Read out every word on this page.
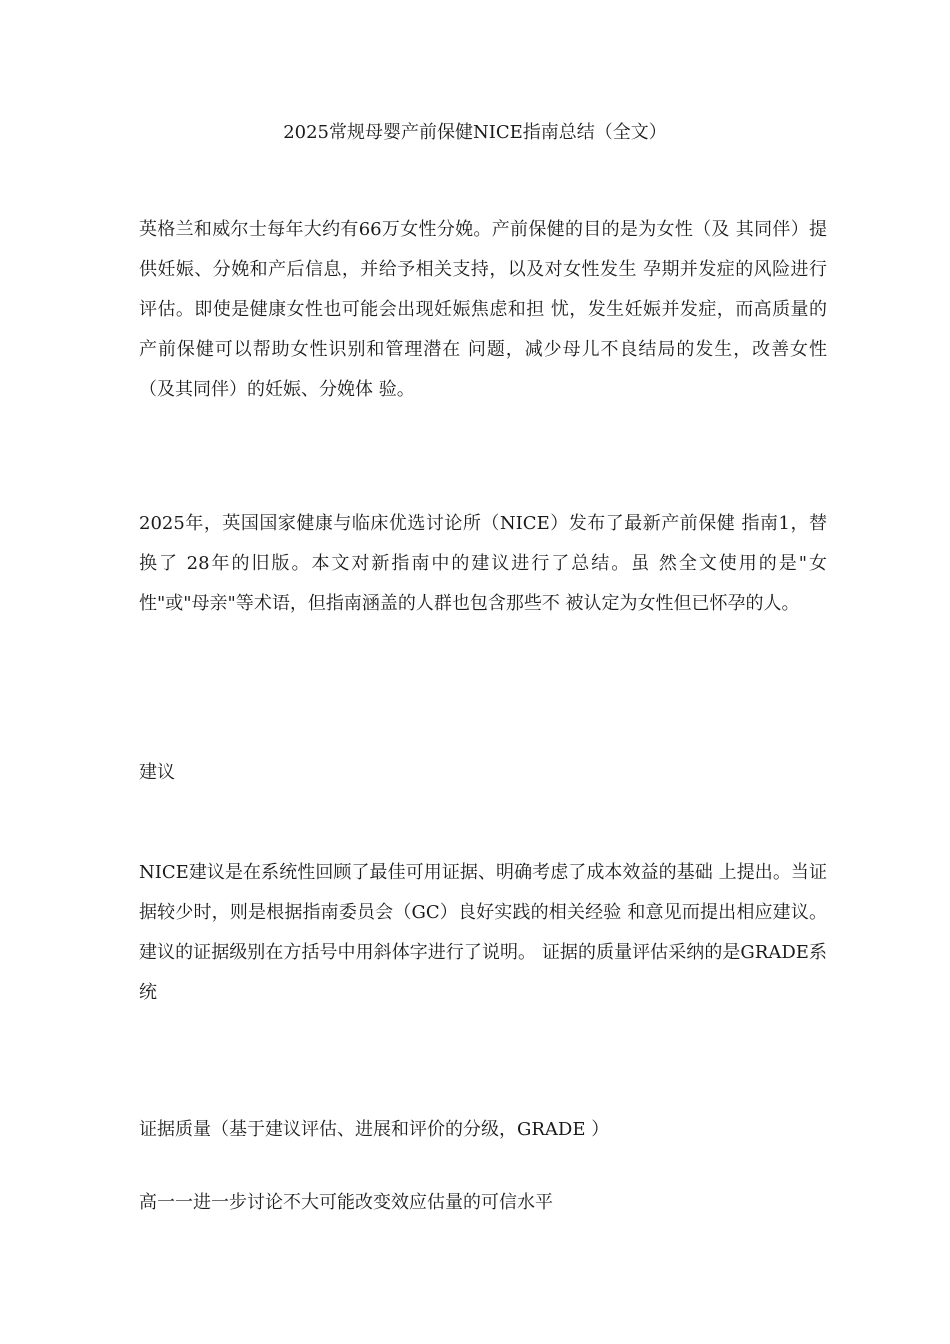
2025常规母婴产前保健NICE指南总结（全文）

英格兰和威尔士每年大约有66万女性分娩。产前保健的目的是为女性（及 其同伴）提供妊娠、分娩和产后信息，并给予相关支持，以及对女性发生 孕期并发症的风险进行评估。即使是健康女性也可能会出现妊娠焦虑和担 忧，发生妊娠并发症，而高质量的产前保健可以帮助女性识别和管理潜在 问题，减少母儿不良结局的发生，改善女性（及其同伴）的妊娠、分娩体 验。

2025年，英国国家健康与临床优选讨论所（NICE）发布了最新产前保健 指南1，替换了 28年的旧版。本文对新指南中的建议进行了总结。虽 然全文使用的是"女性"或"母亲"等术语，但指南涵盖的人群也包含那些不 被认定为女性但已怀孕的人。

建议

NICE建议是在系统性回顾了最佳可用证据、明确考虑了成本效益的基础 上提出。当证据较少时，则是根据指南委员会（GC）良好实践的相关经验 和意见而提出相应建议。建议的证据级别在方括号中用斜体字进行了说明。 证据的质量评估采纳的是GRADE系统

证据质量（基于建议评估、进展和评价的分级，GRADE ）

高一一进一步讨论不大可能改变效应估量的可信水平
